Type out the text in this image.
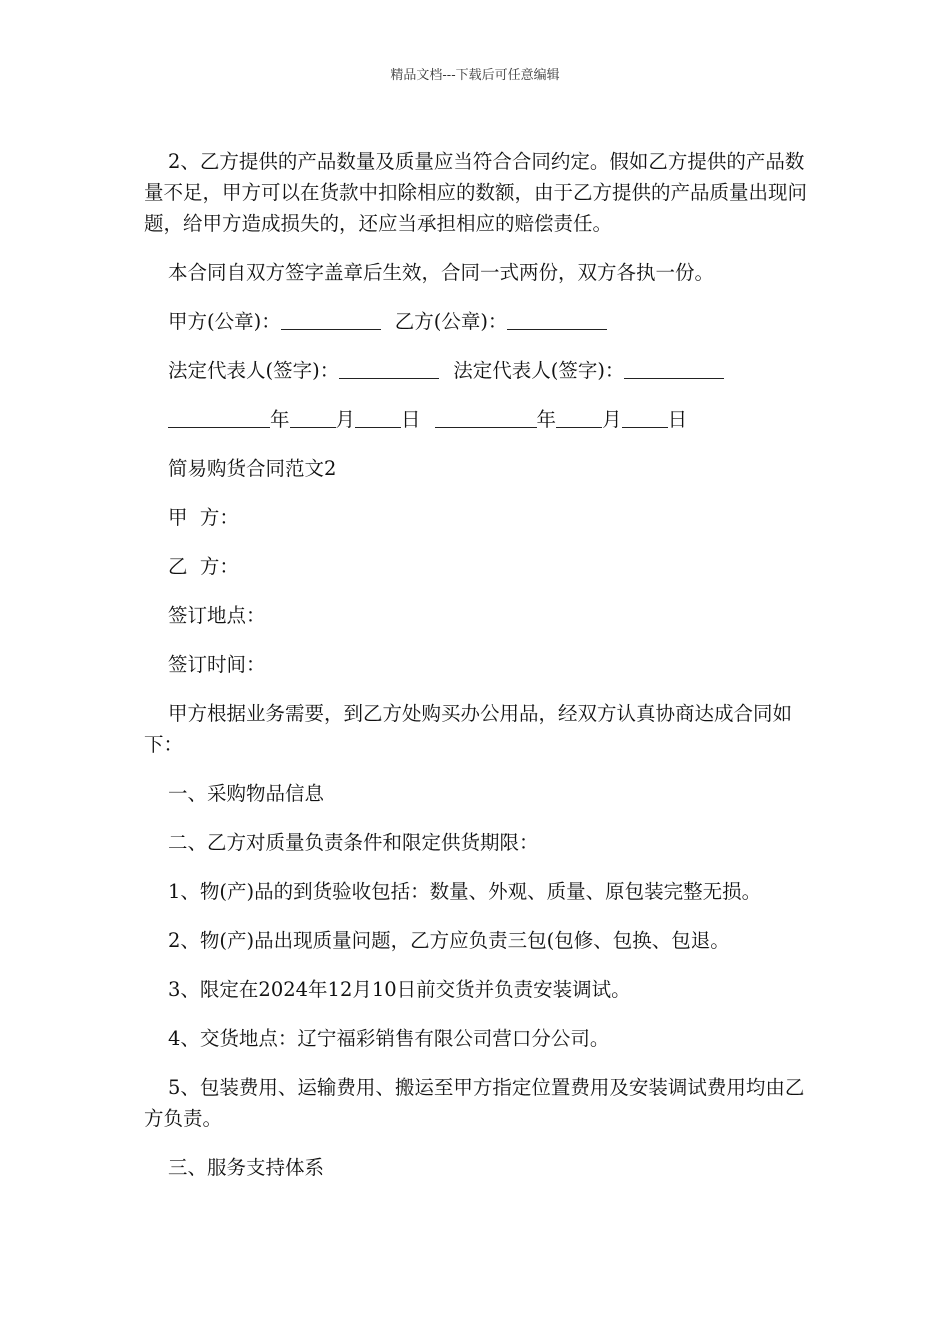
精品文档---下载后可任意编辑

2、乙方提供的产品数量及质量应当符合合同约定。假如乙方提供的产品数量不足，甲方可以在货款中扣除相应的数额，由于乙方提供的产品质量出现问题，给甲方造成损失的，还应当承担相应的赔偿责任。

本合同自双方签字盖章后生效，合同一式两份，双方各执一份。

甲方(公章)：	乙方(公章)：

法定代表人(签字)：	法定代表人(签字)：

年 月 日	年 月 日

简易购货合同范文2

甲  方：

乙  方：

签订地点：

签订时间：

甲方根据业务需要，到乙方处购买办公用品，经双方认真协商达成合同如下：

一、采购物品信息

二、乙方对质量负责条件和限定供货期限：

1、物(产)品的到货验收包括：数量、外观、质量、原包装完整无损。

2、物(产)品出现质量问题，乙方应负责三包(包修、包换、包退。

3、限定在2024年12月10日前交货并负责安装调试。

4、交货地点：辽宁福彩销售有限公司营口分公司。

5、包装费用、运输费用、搬运至甲方指定位置费用及安装调试费用均由乙方负责。

三、服务支持体系
